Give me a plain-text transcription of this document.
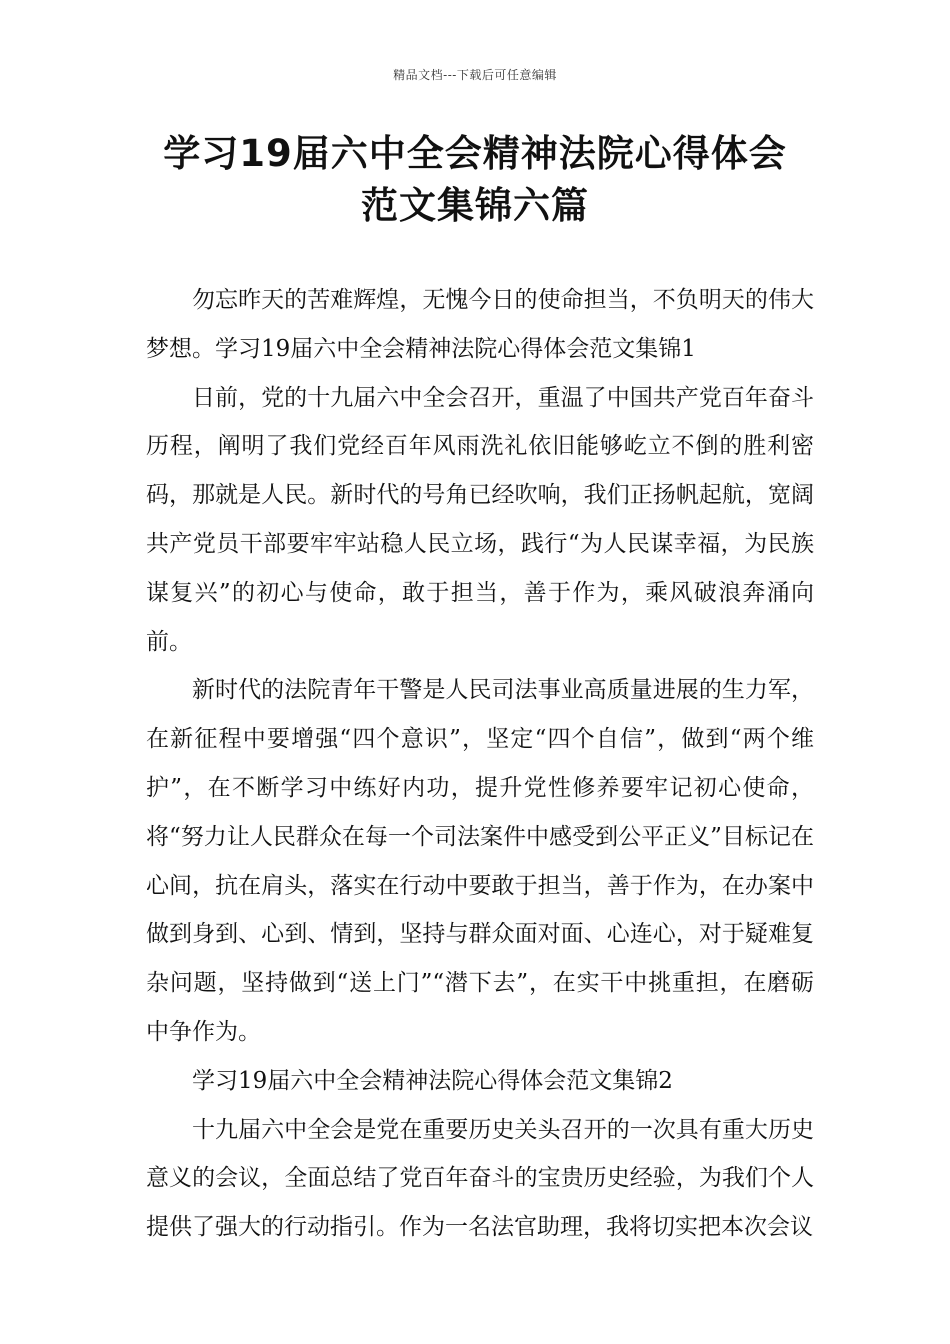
精品文档---下载后可任意编辑
学习19届六中全会精神法院心得体会
范文集锦六篇

勿忘昨天的苦难辉煌，无愧今日的使命担当，不负明天的伟大梦想。学习19届六中全会精神法院心得体会范文集锦1

日前，党的十九届六中全会召开，重温了中国共产党百年奋斗历程，阐明了我们党经百年风雨洗礼依旧能够屹立不倒的胜利密码，那就是人民。新时代的号角已经吹响，我们正扬帆起航，宽阔共产党员干部要牢牢站稳人民立场，践行“为人民谋幸福，为民族谋复兴”的初心与使命，敢于担当，善于作为，乘风破浪奔涌向前。

新时代的法院青年干警是人民司法事业高质量进展的生力军，在新征程中要增强“四个意识”，坚定“四个自信”，做到“两个维护”，在不断学习中练好内功，提升党性修养要牢记初心使命，将“努力让人民群众在每一个司法案件中感受到公平正义”目标记在心间，抗在肩头，落实在行动中要敢于担当，善于作为，在办案中做到身到、心到、情到，坚持与群众面对面、心连心，对于疑难复杂问题，坚持做到“送上门”“潜下去”，在实干中挑重担，在磨砺中争作为。

学习19届六中全会精神法院心得体会范文集锦2

十九届六中全会是党在重要历史关头召开的一次具有重大历史意义的会议，全面总结了党百年奋斗的宝贵历史经验，为我们个人提供了强大的行动指引。作为一名法官助理，我将切实把本次会议
